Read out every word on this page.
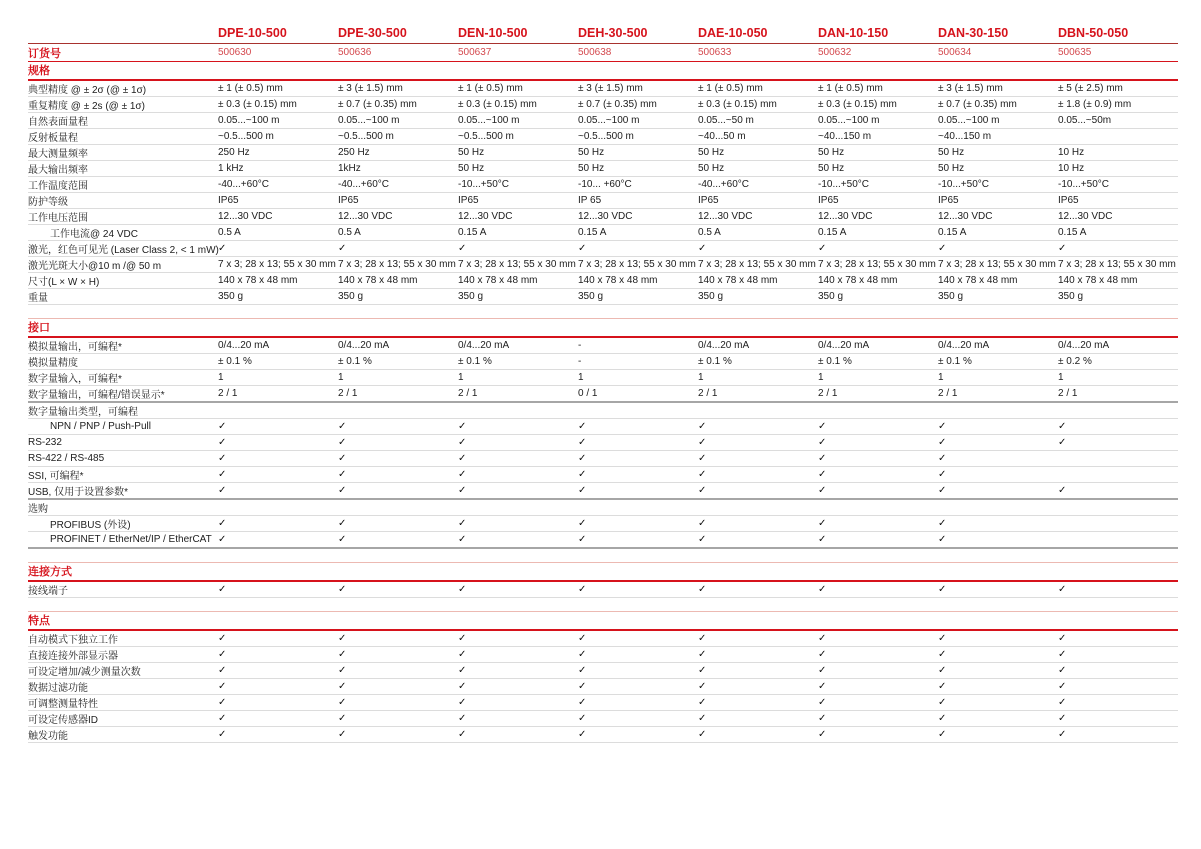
DPE-10-500	DPE-30-500	DEN-10-500	DEH-30-500	DAE-10-050	DAN-10-150	DAN-30-150	DBN-50-050
订货号	500630	500636	500637	500638	500633	500632	500634	500635
规格
典型精度 @ ± 2σ (@ ± 1σ)	± 1 (± 0.5) mm	± 3 (± 1.5) mm	± 1 (± 0.5) mm	± 3 (± 1.5) mm	± 1 (± 0.5) mm	± 1 (± 0.5) mm	± 3 (± 1.5) mm	± 5 (± 2.5) mm
重复精度 @ ± 2s (@ ± 1σ)	± 0.3 (± 0.15) mm	± 0.7 (± 0.35) mm	± 0.3 (± 0.15) mm	± 0.7 (± 0.35) mm	± 0.3 (± 0.15) mm	± 0.3 (± 0.15) mm	± 0.7 (± 0.35) mm	± 1.8 (± 0.9) mm
自然表面量程	0.05...~100 m	0.05...~100 m	0.05...~100 m	0.05...~100 m	0.05...~50 m	0.05...~100 m	0.05...~100 m	0.05...~50m
反射板量程	~0.5...500 m	~0.5...500 m	~0.5...500 m	~0.5...500 m	~40...50 m	~40...150 m	~40...150 m
最大测量频率	250 Hz	250 Hz	50 Hz	50 Hz	50 Hz	50 Hz	50 Hz	10 Hz
最大输出频率	1 kHz	1kHz	50 Hz	50 Hz	50 Hz	50 Hz	50 Hz	10 Hz
工作温度范围	-40...+60°C	-40...+60°C	-10...+50°C	-10... +60°C	-40...+60°C	-10...+50°C	-10...+50°C	-10...+50°C
防护等级	IP65	IP65	IP65	IP 65	IP65	IP65	IP65	IP65
工作电压范围	12...30 VDC	12...30 VDC	12...30 VDC	12...30 VDC	12...30 VDC	12...30 VDC	12...30 VDC	12...30 VDC
工作电流@ 24 VDC	0.5 A	0.5 A	0.15 A	0.15 A	0.5 A	0.15 A	0.15 A	0.15 A
激光，红色可见光 (Laser Class 2, < 1 mW) ✓	✓	✓	✓	✓	✓	✓	✓
激光光斑大小@10 m /@ 50 m	7 x 3; 28 x 13; 55 x 30 mm 7 x 3; 28 x 13; 55 x 30 mm 7 x 3; 28 x 13; 55 x 30 mm 7 x 3; 28 x 13; 55 x 30 mm 7 x 3; 28 x 13; 55 x 30 mm 7 x 3; 28 x 13; 55 x 30 mm 7 x 3; 28 x 13; 55 x 30 mm 7 x 3; 28 x 13; 55 x 30 mm
尺寸(L × W × H)	140 x 78 x 48 mm	140 x 78 x 48 mm	140 x 78 x 48 mm	140 x 78 x 48 mm	140 x 78 x 48 mm	140 x 78 x 48 mm	140 x 78 x 48 mm	140 x 78 x 48 mm
重量	350 g	350 g	350 g	350 g	350 g	350 g	350 g	350 g
接口
模拟量输出，可编程*	0/4...20 mA	0/4...20 mA	0/4...20 mA	-	0/4...20 mA	0/4...20 mA	0/4...20 mA	0/4...20 mA
模拟量精度	± 0.1 %	± 0.1 %	± 0.1 %	-	± 0.1 %	± 0.1 %	± 0.1 %	± 0.2 %
数字量输入，可编程*	1	1	1	1	1	1	1	1
数字量输出，可编程/错误显示*	2 / 1	2 / 1	2 / 1	0 / 1	2 / 1	2 / 1	2 / 1	2 / 1
数字量输出类型，可编程
NPN / PNP / Push-Pull	✓	✓	✓	✓	✓	✓	✓	✓
RS-232	✓	✓	✓	✓	✓	✓	✓	✓
RS-422 / RS-485	✓	✓	✓	✓	✓	✓	✓
SSI, 可编程*	✓	✓	✓	✓	✓	✓	✓
USB, 仅用于设置参数*	✓	✓	✓	✓	✓	✓	✓	✓
选购
PROFIBUS (外设)	✓	✓	✓	✓	✓	✓	✓
PROFINET / EtherNet/IP / EtherCAT ✓	✓	✓	✓	✓	✓	✓
连接方式
接线端子	✓	✓	✓	✓	✓	✓	✓	✓
特点
自动模式下独立工作	✓	✓	✓	✓	✓	✓	✓	✓
直接连接外部显示器	✓	✓	✓	✓	✓	✓	✓	✓
可设定增加/减少测量次数	✓	✓	✓	✓	✓	✓	✓	✓
数据过滤功能	✓	✓	✓	✓	✓	✓	✓	✓
可调整测量特性	✓	✓	✓	✓	✓	✓	✓	✓
可设定传感器ID	✓	✓	✓	✓	✓	✓	✓	✓
触发功能	✓	✓	✓	✓	✓	✓	✓	✓
